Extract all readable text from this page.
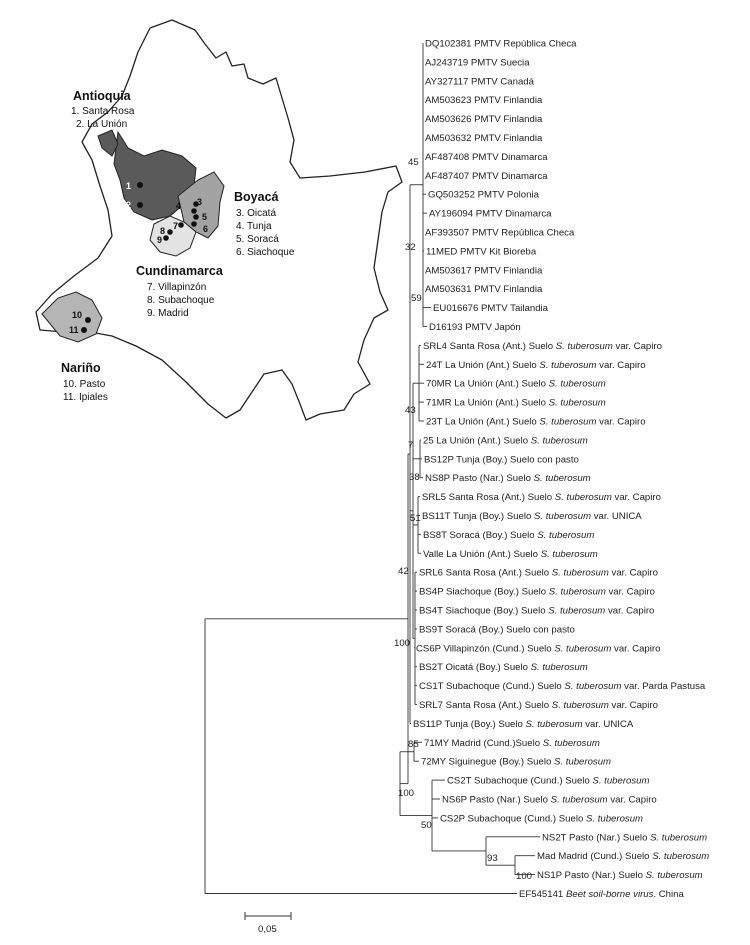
1
2	3
4
5
6
7
8
9
10
11
Antioquia
1. Santa Rosa
2. La Unión
Boyacá
3. Oicatá
4. Tunja
5. Soracá
6. Siachoque
Cundinamarca
7. Villapinzón
8. Subachoque
9. Madrid
Nariño
10. Pasto
11. Ipiales
DQ102381 PMTV República Checa
AJ243719 PMTV Suecia
AY327117 PMTV Canadá
AM503623 PMTV Finlandia
AM503626 PMTV Finlandia
AM503632 PMTV Finlandia
AF487408 PMTV Dinamarca
AF487407 PMTV Dinamarca
GQ503252 PMTV Polonia
AY196094 PMTV Dinamarca
AF393507 PMTV República Checa
11MED PMTV Kit Bioreba
AM503617 PMTV Finlandia
AM503631 PMTV Finlandia
EU016676 PMTV Tailandia
D16193 PMTV Japón
SRL4 Santa Rosa (Ant.) Suelo S. tuberosum var. Capiro
24T La Unión (Ant.) Suelo S. tuberosum var. Capiro
70MR La Unión (Ant.) Suelo S. tuberosum
71MR La Unión (Ant.) Suelo S. tuberosum
23T La Unión (Ant.) Suelo S. tuberosum var. Capiro
25 La Unión (Ant.) Suelo S. tuberosum
BS12P Tunja (Boy.) Suelo con pasto
NS8P Pasto (Nar.) Suelo S. tuberosum
SRL5 Santa Rosa (Ant.) Suelo S. tuberosum var. Capiro
BS11T Tunja (Boy.) Suelo S. tuberosum var. UNICA
BS8T Soracá (Boy.) Suelo S. tuberosum
Valle La Unión (Ant.) Suelo S. tuberosum
SRL6 Santa Rosa (Ant.) Suelo S. tuberosum var. Capiro
BS4P Siachoque (Boy.) Suelo S. tuberosum var. Capiro
BS4T Siachoque (Boy.) Suelo S. tuberosum var. Capiro
BS9T Soracá (Boy.) Suelo con pasto
CS6P Villapinzón (Cund.) Suelo S. tuberosum var. Capiro
BS2T Oicatá (Boy.) Suelo S. tuberosum
CS1T Subachoque (Cund.) Suelo S. tuberosum var. Parda Pastusa
SRL7 Santa Rosa (Ant.) Suelo S. tuberosum var. Capiro
BS11P Tunja (Boy.) Suelo S. tuberosum var. UNICA
71MY Madrid (Cund.)Suelo S. tuberosum
72MY Siguinegue (Boy.) Suelo S. tuberosum
CS2T Subachoque (Cund.) Suelo S. tuberosum
NS6P Pasto (Nar.) Suelo S. tuberosum var. Capiro
CS2P Subachoque (Cund.) Suelo S. tuberosum
NS2T Pasto (Nar.) Suelo S. tuberosum
Mad Madrid (Cund.) Suelo S. tuberosum
NS1P Pasto (Nar.) Suelo S. tuberosum
EF545141 Beet soil-borne virus. China
45
32
59
43
7
38
51
42
100
85
100
50
93
100
0,05
